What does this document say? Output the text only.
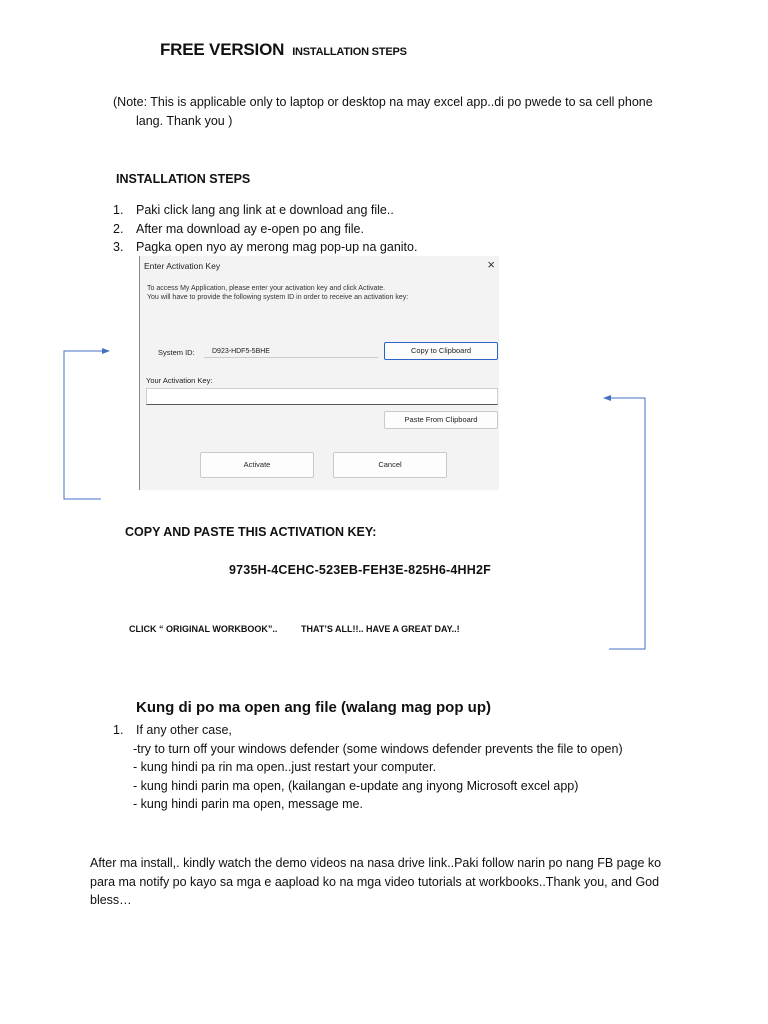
FREE VERSION INSTALLATION STEPS
(Note: This is applicable only to laptop or desktop na may excel app..di po pwede to sa cell phone
lang. Thank you )
INSTALLATION STEPS
1. Paki click lang ang link at e download ang file..
2. After ma download ay e-open po ang file.
3. Pagka open nyo ay merong mag pop-up na ganito.
Enter Activation Key	×
To access My Application, please enter your activation key and click Activate.
You will have to provide the following system ID in order to receive an activation key:
System ID: D923-HDF5-5BHE	Copy to Clipboard
Your Activation Key:
Paste From Clipboard
Activate	Cancel
COPY AND PASTE THIS ACTIVATION KEY:
9735H-4CEHC-523EB-FEH3E-825H6-4HH2F
CLICK “ ORIGINAL WORKBOOK”..	THAT’S ALL!!.. HAVE A GREAT DAY..!
Kung di po ma open ang file (walang mag pop up)
1. If any other case,
-try to turn off your windows defender (some windows defender prevents the file to open)
- kung hindi pa rin ma open..just restart your computer.
- kung hindi parin ma open, (kailangan e-update ang inyong Microsoft excel app)
- kung hindi parin ma open, message me.
After ma install,. kindly watch the demo videos na nasa drive link..Paki follow narin po nang FB page ko para ma notify po kayo sa mga e aapload ko na mga video tutorials at workbooks..Thank you, and God bless…
